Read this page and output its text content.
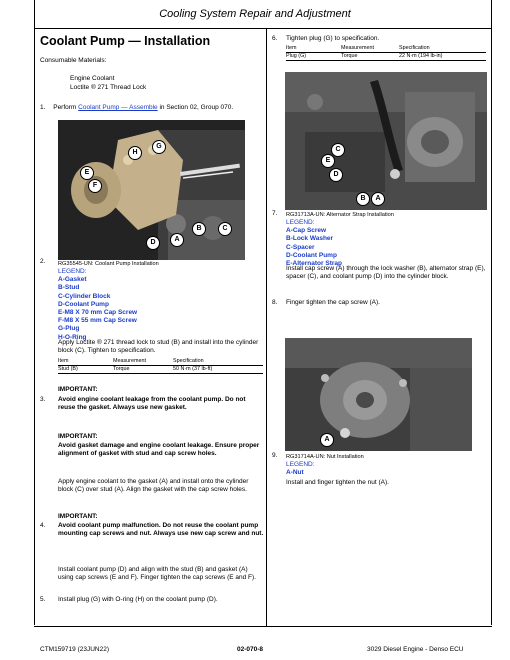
Cooling System Repair and Adjustment
Coolant Pump — Installation
Consumable Materials:
Engine Coolant
Loctite ® 271 Thread Lock
1. Perform Coolant Pump — Assemble in Section 02, Group 070.
H
G
F
E
D	A
B	C
2. RG35545-UN: Coolant Pump Installation
LEGEND:
A-Gasket
B-Stud
C-Cylinder Block
D-Coolant Pump
E-M8 X 70 mm Cap Screw
F-M8 X 55 mm Cap Screw
G-Plug
H-O-Ring
Apply Loctite ® 271 thread lock to stud (B) and install into the cylinder block (C). Tighten to specification.
Item	Measurement	Specification
Stud (B)	Torque	50 N·m (37 lb-ft)
IMPORTANT:
3. Avoid engine coolant leakage from the coolant pump. Do not reuse the gasket. Always use new gasket.
IMPORTANT:
Avoid gasket damage and engine coolant leakage. Ensure proper alignment of gasket with stud and cap screw holes.
Apply engine coolant to the gasket (A) and install onto the cylinder block (C) over stud (A). Align the gasket with the cap screw holes.
IMPORTANT:
4. Avoid coolant pump malfunction. Do not reuse the coolant pump mounting cap screws and nut. Always use new cap screw and nut.
Install coolant pump (D) and align with the stud (B) and gasket (A) using cap screws (E and F). Finger tighten the cap screws (E and F).
5. Install plug (G) with O-ring (H) on the coolant pump (D).
6. Tighten plug (G) to specification.
Item	Measurement	Specification
Plug (G)	Torque	22 N·m (194 lb-in)
C
E
D
B	A
7. RG31713A-UN: Alternator Strap Installation
LEGEND:
A-Cap Screw
B-Lock Washer
C-Spacer
D-Coolant Pump
E-Alternator Strap
Install cap screw (A) through the lock washer (B), alternator strap (E), spacer (C), and coolant pump (D) into the cylinder block.
8. Finger tighten the cap screw (A).
A
9. RG31714A-UN: Nut Installation
LEGEND:
A-Nut
Install and finger tighten the nut (A).
CTM159719 (23JUN22)	02-070-8	3029 Diesel Engine - Denso ECU
